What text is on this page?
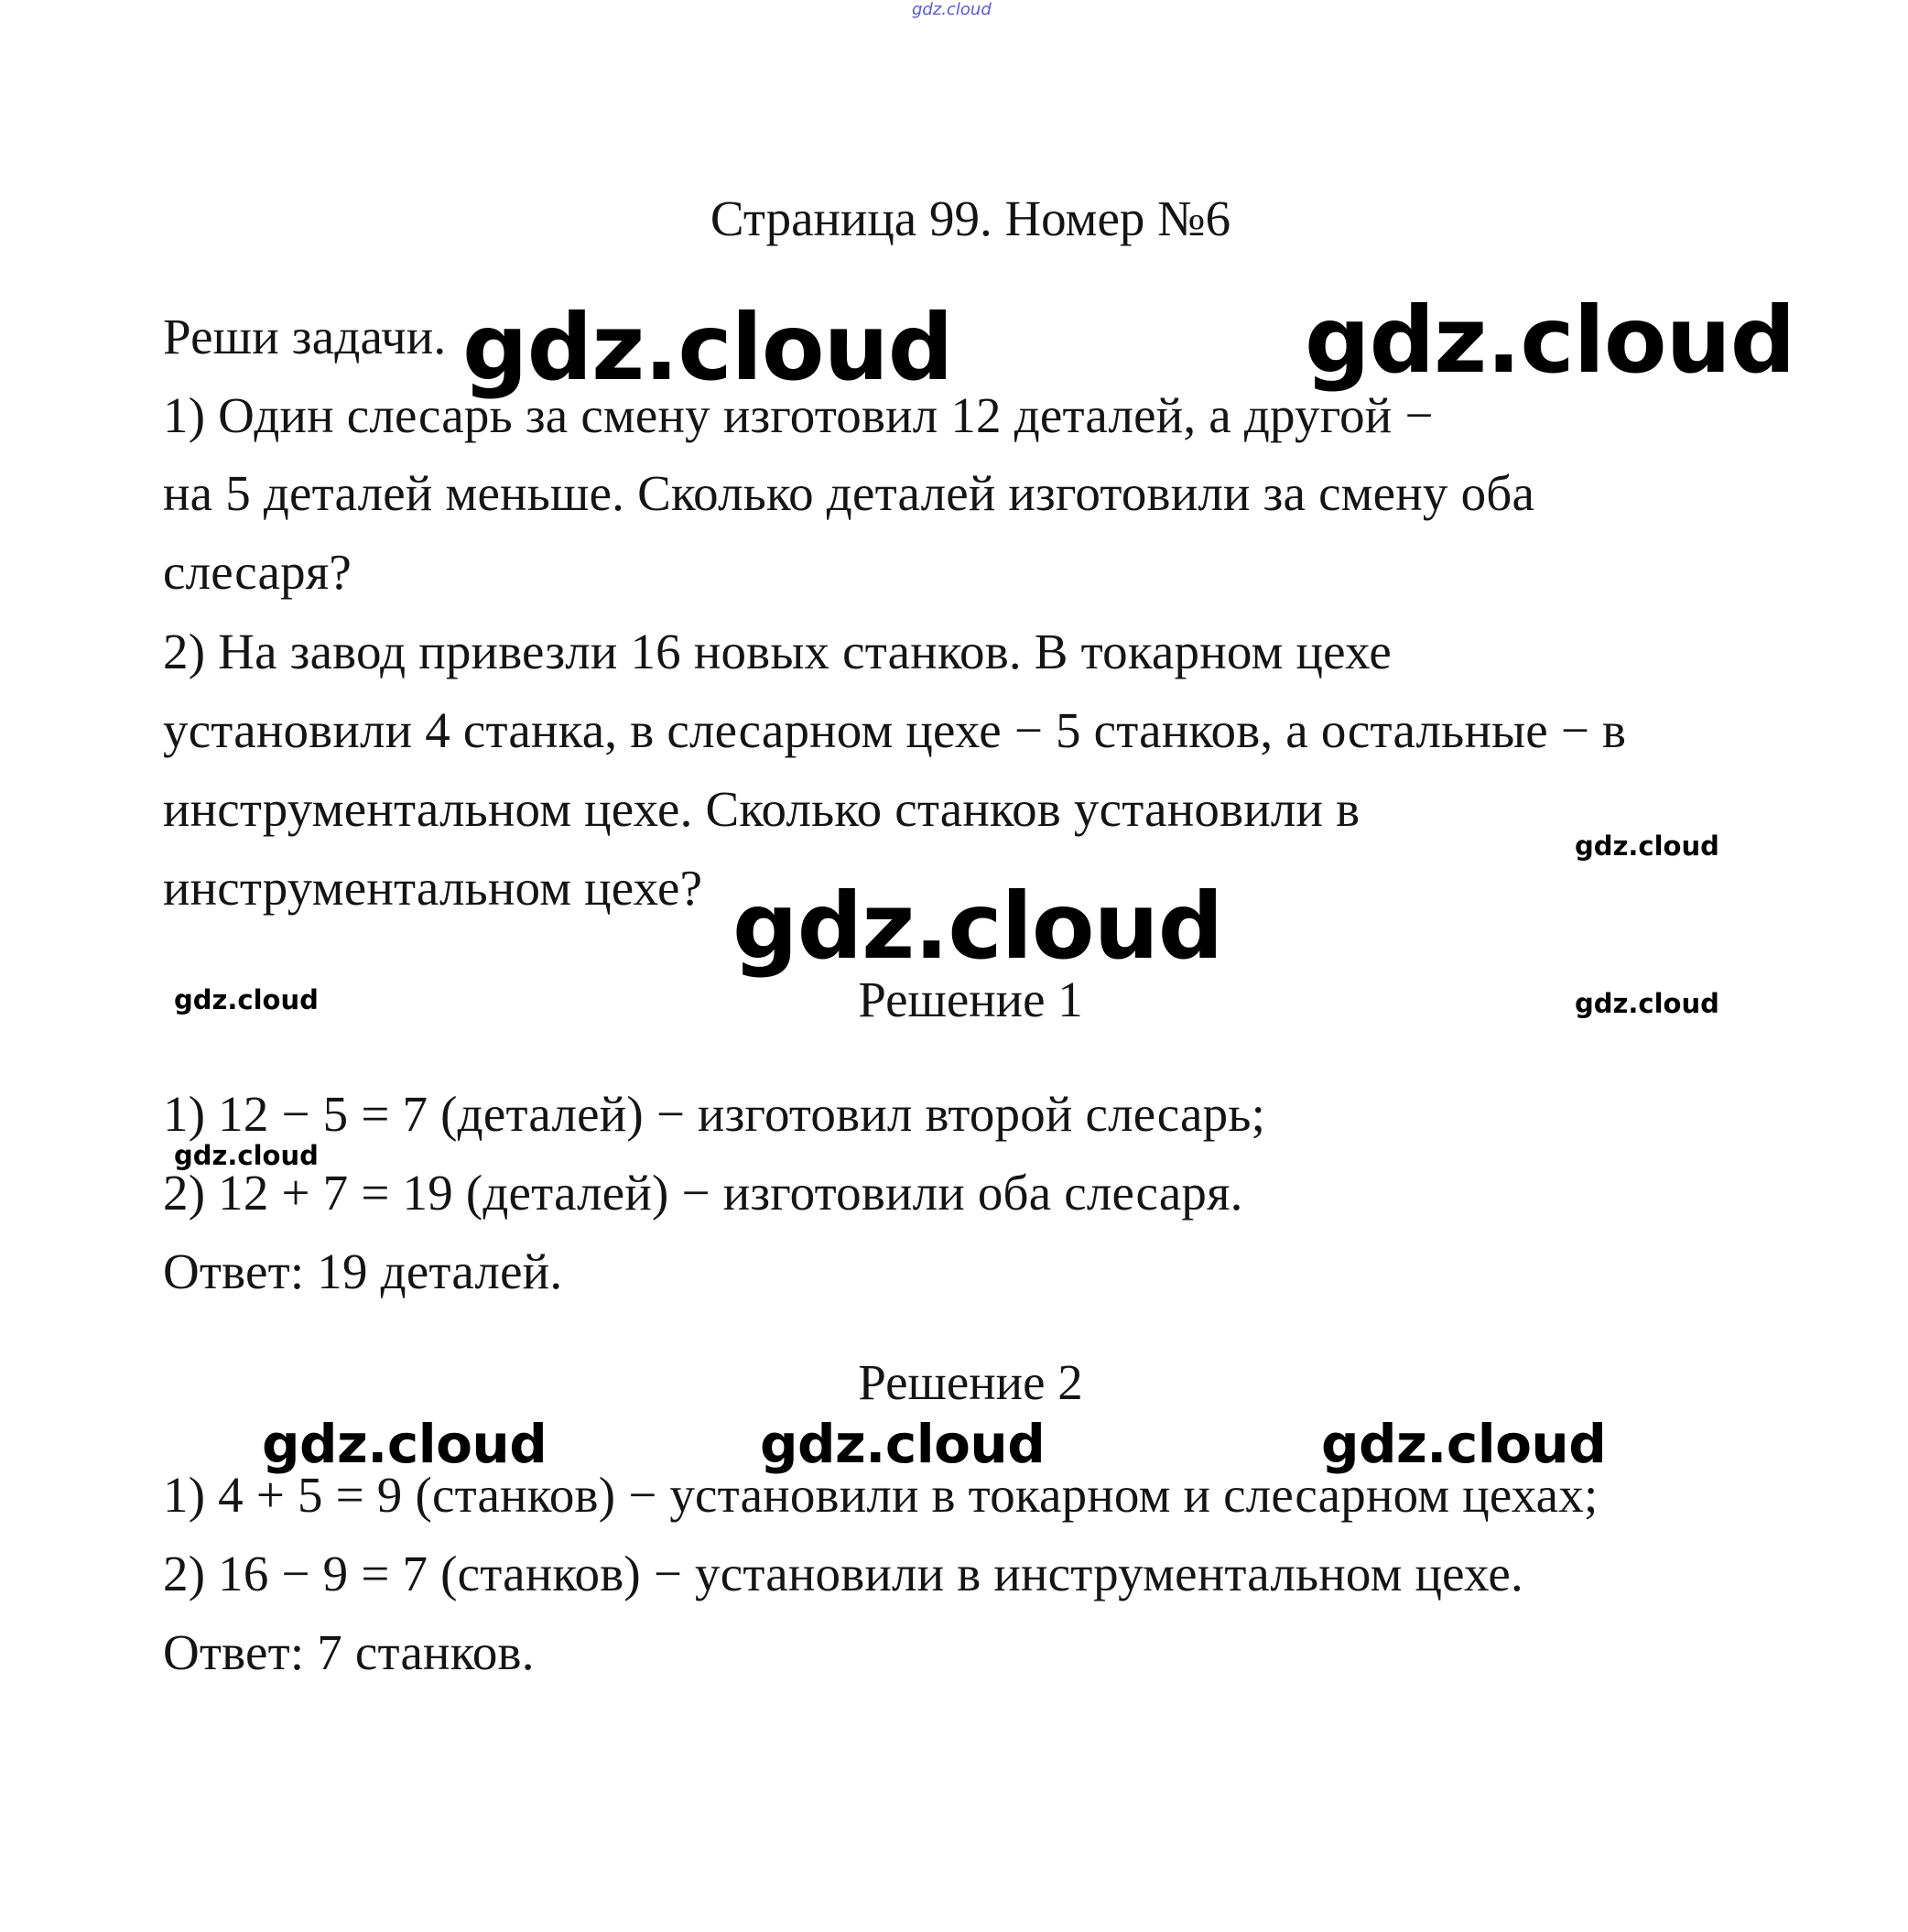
gdz.cloud
Страница 99. Номер №6
Реши задачи.
1) Один слесарь за смену изготовил 12 деталей, а другой −
на 5 деталей меньше. Сколько деталей изготовили за смену оба
слесаря?
2) На завод привезли 16 новых станков. В токарном цехе
установили 4 станка, в слесарном цехе − 5 станков, а остальные − в
инструментальном цехе. Сколько станков установили в
инструментальном цехе?
Решение 1
1) 12 − 5 = 7 (деталей) − изготовил второй слесарь;
2) 12 + 7 = 19 (деталей) − изготовили оба слесаря.
Ответ: 19 деталей.
Решение 2
1) 4 + 5 = 9 (станков) − установили в токарном и слесарном цехах;
2) 16 − 9 = 7 (станков) − установили в инструментальном цехе.
Ответ: 7 станков.
gdz.cloud	gdz.cloud
gdz.cloud
gdz.cloud
gdz.cloud	gdz.cloud
gdz.cloud
gdz.cloud	gdz.cloud	gdz.cloud
